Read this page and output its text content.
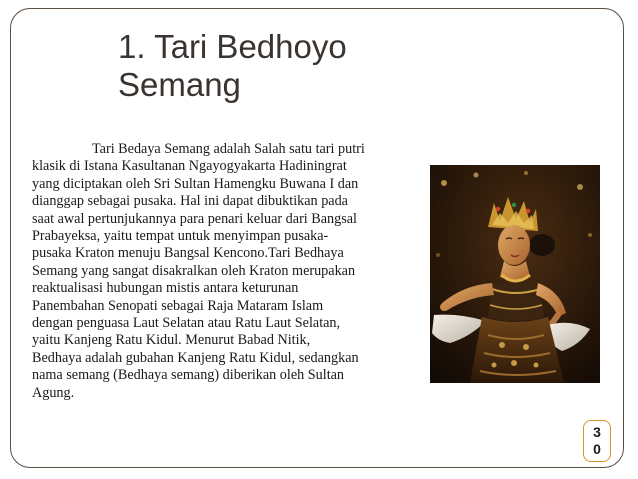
1. Tari Bedhoyo
Semang
Tari Bedaya Semang adalah Salah satu tari putri
klasik di Istana Kasultanan Ngayogyakarta Hadiningrat
yang diciptakan oleh Sri Sultan Hamengku Buwana I dan
dianggap sebagai pusaka. Hal ini dapat dibuktikan pada
saat awal pertunjukannya para penari keluar dari Bangsal
Prabayeksa, yaitu tempat untuk menyimpan pusaka-
pusaka Kraton menuju Bangsal Kencono.Tari Bedhaya
Semang yang sangat disakralkan oleh Kraton merupakan
reaktualisasi hubungan mistis antara keturunan
Panembahan Senopati sebagai Raja Mataram Islam
dengan penguasa Laut Selatan atau Ratu Laut Selatan,
yaitu Kanjeng Ratu Kidul. Menurut Babad Nitik,
Bedhaya adalah gubahan Kanjeng Ratu Kidul, sedangkan
nama semang (Bedhaya semang) diberikan oleh Sultan
Agung.
3
0
